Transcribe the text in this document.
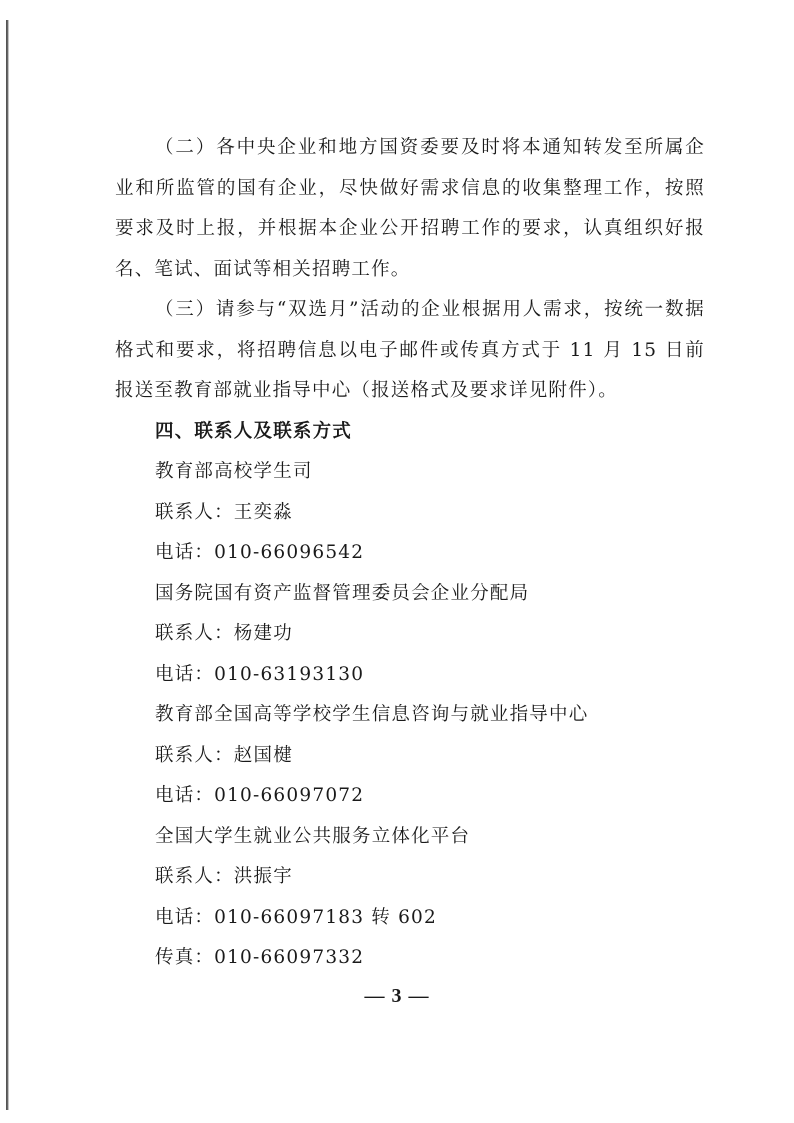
（二）各中央企业和地方国资委要及时将本通知转发至所属企业和所监管的国有企业，尽快做好需求信息的收集整理工作，按照要求及时上报，并根据本企业公开招聘工作的要求，认真组织好报名、笔试、面试等相关招聘工作。

（三）请参与“双选月”活动的企业根据用人需求，按统一数据格式和要求，将招聘信息以电子邮件或传真方式于 11 月 15 日前报送至教育部就业指导中心（报送格式及要求详见附件）。

四、联系人及联系方式

教育部高校学生司

联系人：王奕淼

电话：010-66096542

国务院国有资产监督管理委员会企业分配局

联系人：杨建功

电话：010-63193130

教育部全国高等学校学生信息咨询与就业指导中心

联系人：赵国楗

电话：010-66097072

全国大学生就业公共服务立体化平台

联系人：洪振宇

电话：010-66097183 转 602

传真：010-66097332

— 3 —
